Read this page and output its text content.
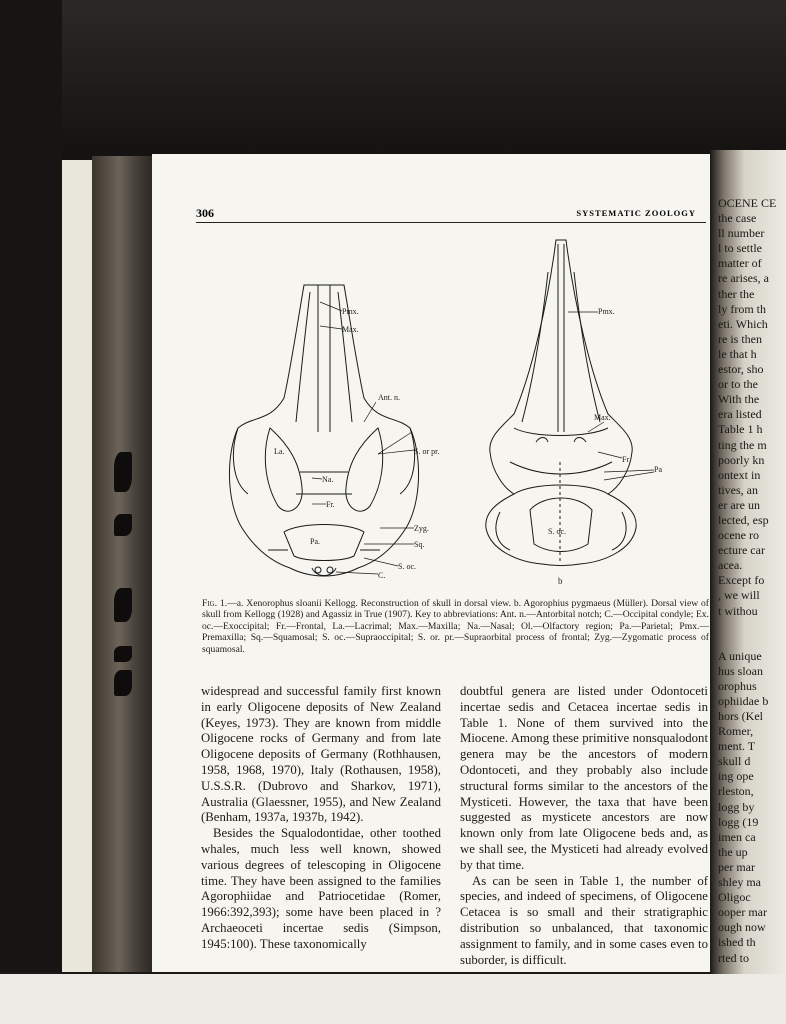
306	SYSTEMATIC ZOOLOGY
Pmx.
Max.
Ant. n.
La.	S. or pr.
Na.
Fr.
Zyg.
Pa.	Sq.
S. oc.
C.
Pmx.
Max.
Fr
Pa
S. oc.
b
Fig. 1.—a. Xenorophus sloanii Kellogg. Reconstruction of skull in dorsal view. b. Agorophius pygmaeus (Müller). Dorsal view of skull from Kellogg (1928) and Agassiz in True (1907). Key to abbreviations: Ant. n.—Antorbital notch; C.—Occipital condyle; Ex. oc.—Exoccipital; Fr.—Frontal, La.—Lacrimal; Max.—Maxilla; Na.—Nasal; Ol.—Olfactory region; Pa.—Parietal; Pmx.—Premaxilla; Sq.—Squamosal; S. oc.—Supraoccipital; S. or. pr.—Supraorbital process of frontal; Zyg.—Zygomatic process of squamosal.

widespread and successful family first known in early Oligocene deposits of New Zealand (Keyes, 1973). They are known from middle Oligocene rocks of Germany and from late Oligocene deposits of Germany (Rothhausen, 1958, 1968, 1970), Italy (Rothausen, 1958), U.S.S.R. (Dubrovo and Sharkov, 1971), Australia (Glaessner, 1955), and New Zealand (Benham, 1937a, 1937b, 1942).

Besides the Squalodontidae, other toothed whales, much less well known, showed various degrees of telescoping in Oligocene time. They have been assigned to the families Agorophiidae and Patriocetidae (Romer, 1966:392,393); some have been placed in ?Archaeoceti incertae sedis (Simpson, 1945:100). These taxonomically

doubtful genera are listed under Odontoceti incertae sedis and Cetacea incertae sedis in Table 1. None of them survived into the Miocene. Among these primitive nonsqualodont genera may be the ancestors of modern Odontoceti, and they probably also include structural forms similar to the ancestors of the Mysticeti. However, the taxa that have been suggested as mysticete ancestors are now known only from late Oligocene beds and, as we shall see, the Mysticeti had already evolved by that time.

As can be seen in Table 1, the number of species, and indeed of specimens, of Oligocene Cetacea is so small and their stratigraphic distribution so unbalanced, that taxonomic assignment to family, and in some cases even to suborder, is difficult.

OCENE CE
the case
ll number
l to settle
matter of
re arises, a
ther the
ly from th
eti. Which
re is then
le that h
estor, sho
or to the
With the
era listed
Table 1 h
ting the m
poorly kn
ontext in
tives, an
er are un
lected, esp
ocene ro
ecture car
acea.
Except fo
, we will
t withou
A unique
hus sloan
orophus
ophiidae b
hors (Kel
Romer,
ment. T
skull d
ing ope
rleston,
logg by
logg (19
imen ca
the up
per mar
shley ma
Oligoc
ooper mar
ough now
ished th
rted to
